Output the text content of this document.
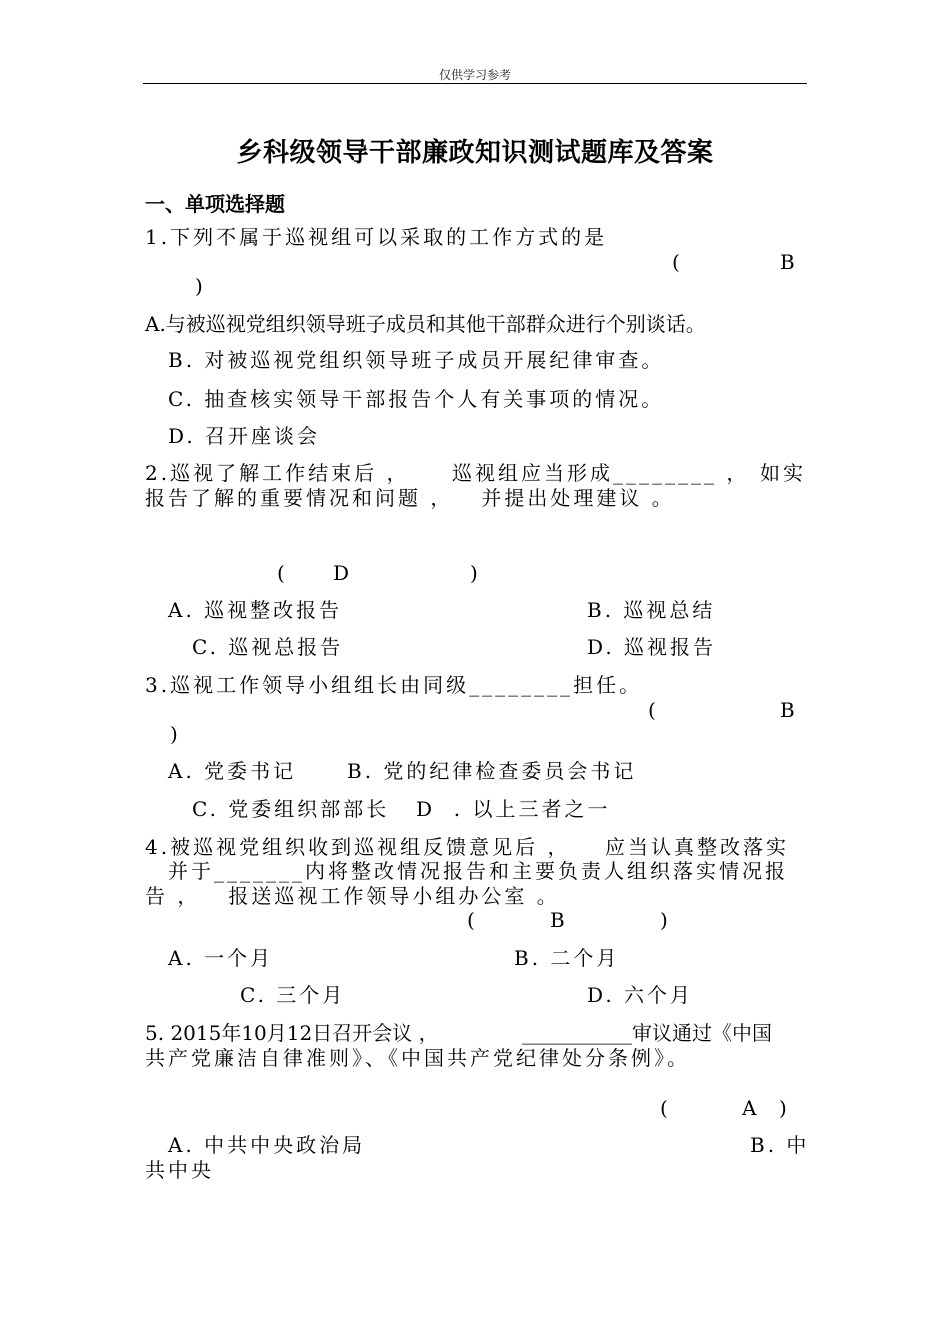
仅供学习参考
乡科级领导干部廉政知识测试题库及答案
一、单项选择题
1.下列不属于巡视组可以采取的工作方式的是
(	B
)
A.与被巡视党组织领导班子成员和其他干部群众进行个别谈话。
B. 对被巡视党组织领导班子成员开展纪律审查。
C. 抽查核实领导干部报告个人有关事项的情况。
D. 召开座谈会
2.巡视了解工作结束后 ， 巡视组应当形成________ ， 如实
报告了解的重要情况和问题 ，   并提出处理建议 。
( D	)
A. 巡视整改报告	B. 巡视总结
C. 巡视总报告	D. 巡视报告
3.巡视工作领导小组组长由同级________担任。
(	B
)
A. 党委书记	B. 党的纪律检查委员会书记
C. 党委组织部部长 D  . 以上三者之一
4.被巡视党组织收到巡视组反馈意见后 ， 应当认真整改落实
并于_______内将整改情况报告和主要负责人组织落实情况报
告 ，   报送巡视工作领导小组办公室 。
(	B	)
A. 一个月	B. 二个月
C. 三个月	D. 六个月
5. 2015年10月12日召开会议 ，	___________审议通过《中国
共产党廉洁自律准则》、《中国共产党纪律处分条例》。
(	A )
A. 中共中央政治局	B. 中
共中央
